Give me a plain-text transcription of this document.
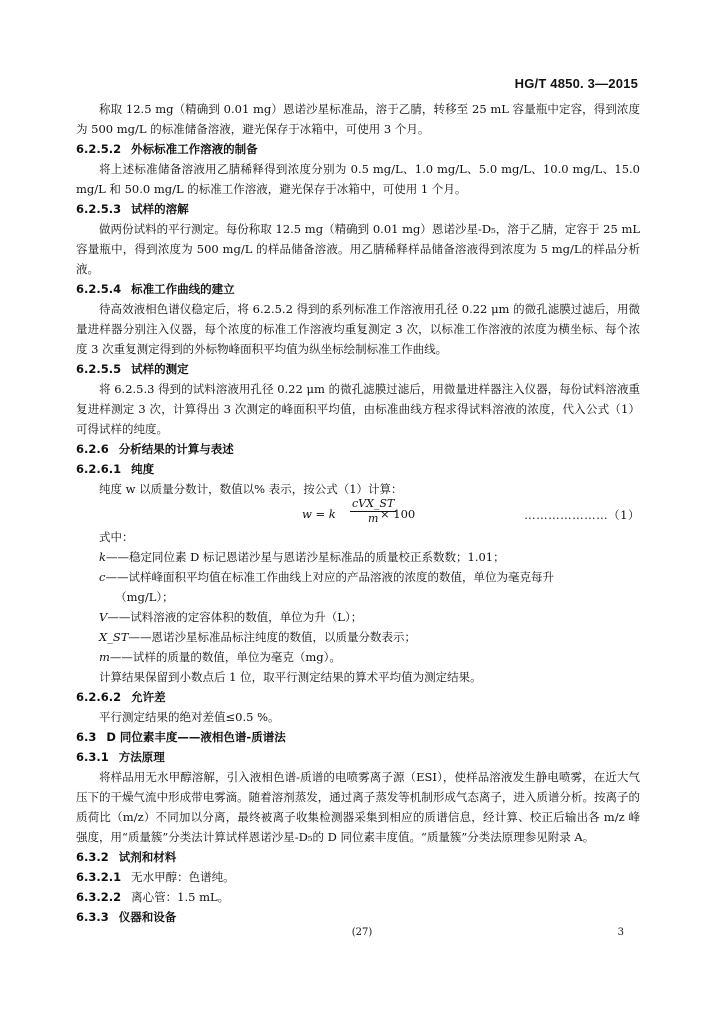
HG/T 4850. 3—2015

称取 12.5 mg（精确到 0.01 mg）恩诺沙星标准品，溶于乙腈，转移至 25 mL 容量瓶中定容，得到浓度为 500 mg/L 的标准储备溶液，避光保存于冰箱中，可使用 3 个月。

6.2.5.2 外标标准工作溶液的制备

将上述标准储备溶液用乙腈稀释得到浓度分别为 0.5 mg/L、1.0 mg/L、5.0 mg/L、10.0 mg/L、15.0 mg/L 和 50.0 mg/L 的标准工作溶液，避光保存于冰箱中，可使用 1 个月。

6.2.5.3 试样的溶解

做两份试料的平行测定。每份称取 12.5 mg（精确到 0.01 mg）恩诺沙星-D₅，溶于乙腈，定容于 25 mL 容量瓶中，得到浓度为 500 mg/L 的样品储备溶液。用乙腈稀释样品储备溶液得到浓度为 5 mg/L的样品分析液。

6.2.5.4 标准工作曲线的建立

待高效液相色谱仪稳定后，将 6.2.5.2 得到的系列标准工作溶液用孔径 0.22 μm 的微孔滤膜过滤后，用微量进样器分别注入仪器，每个浓度的标准工作溶液均重复测定 3 次，以标准工作溶液的浓度为横坐标、每个浓度 3 次重复测定得到的外标物峰面积平均值为纵坐标绘制标准工作曲线。

6.2.5.5 试样的测定

将 6.2.5.3 得到的试料溶液用孔径 0.22 μm 的微孔滤膜过滤后，用微量进样器注入仪器，每份试料溶液重复进样测定 3 次，计算得出 3 次测定的峰面积平均值，由标准曲线方程求得试料溶液的浓度，代入公式（1）可得试样的纯度。

6.2.6 分析结果的计算与表述
6.2.6.1 纯度

纯度 w 以质量分数计，数值以% 表示，按公式（1）计算：

w = k
cVX_ST
m × 100	…………………（1）

式中：

k——稳定同位素 D 标记恩诺沙星与恩诺沙星标准品的质量校正系数数；1.01；
c——试样峰面积平均值在标准工作曲线上对应的产品溶液的浓度的数值，单位为毫克每升
（mg/L）；
V——试料溶液的定容体积的数值，单位为升（L）；
X_ST——恩诺沙星标准品标注纯度的数值，以质量分数表示；
m——试样的质量的数值，单位为毫克（mg）。

计算结果保留到小数点后 1 位，取平行测定结果的算术平均值为测定结果。

6.2.6.2 允许差

平行测定结果的绝对差值≤0.5 %。

6.3 D 同位素丰度——液相色谱-质谱法
6.3.1 方法原理

将样品用无水甲醇溶解，引入液相色谱-质谱的电喷雾离子源（ESI），使样品溶液发生静电喷雾，在近大气压下的干燥气流中形成带电雾滴。随着溶剂蒸发，通过离子蒸发等机制形成气态离子，进入质谱分析。按离子的质荷比（m/z）不同加以分离，最终被离子收集检测器采集到相应的质谱信息，经计算、校正后输出各 m/z 峰强度，用“质量簇”分类法计算试样恩诺沙星-D₅的 D 同位素丰度值。“质量簇”分类法原理参见附录 A。

6.3.2 试剂和材料
6.3.2.1 无水甲醇：色谱纯。
6.3.2.2 离心管：1.5 mL。
6.3.3 仪器和设备
(27)	3
